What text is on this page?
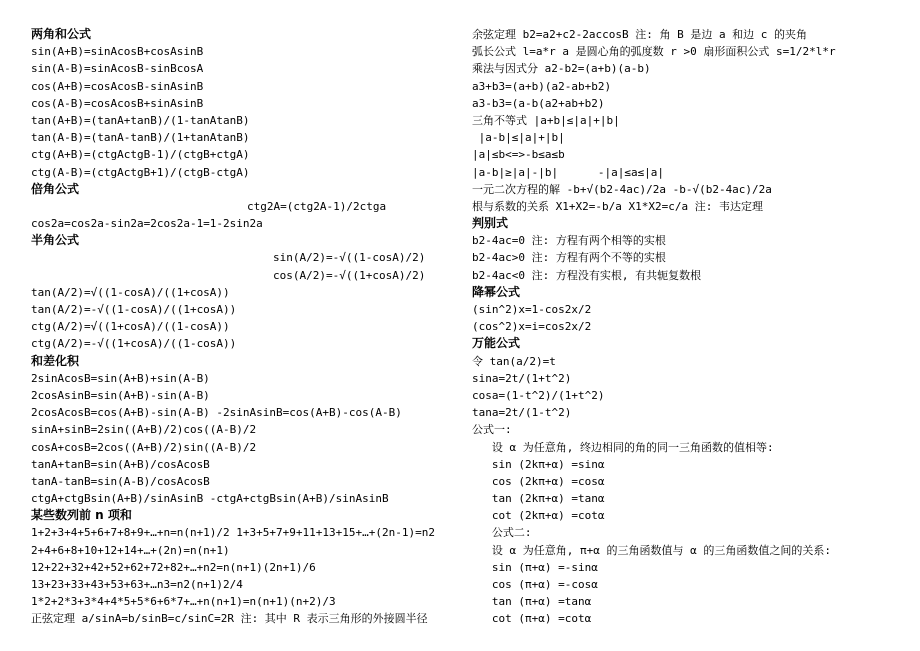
两角和公式
sin(A+B)=sinAcosB+cosAsinB
sin(A-B)=sinAcosB-sinBcosA
cos(A+B)=cosAcosB-sinAsinB
cos(A-B)=cosAcosB+sinAsinB
tan(A+B)=(tanA+tanB)/(1-tanAtanB)
tan(A-B)=(tanA-tanB)/(1+tanAtanB)
ctg(A+B)=(ctgActgB-1)/(ctgB+ctgA)
ctg(A-B)=(ctgActgB+1)/(ctgB-ctgA)
倍角公式

ctg2A=(ctg2A-1)/2ctga

cos2a=cos2a-sin2a=2cos2a-1=1-2sin2a
半角公式

sin(A/2)=-√((1-cosA)/2)

cos(A/2)=-√((1+cosA)/2)

tan(A/2)=√((1-cosA)/((1+cosA))
tan(A/2)=-√((1-cosA)/((1+cosA))
ctg(A/2)=√((1+cosA)/((1-cosA))
ctg(A/2)=-√((1+cosA)/((1-cosA))
和差化积
2sinAcosB=sin(A+B)+sin(A-B)
2cosAsinB=sin(A+B)-sin(A-B)
2cosAcosB=cos(A+B)-sin(A-B) -2sinAsinB=cos(A+B)-cos(A-B)
sinA+sinB=2sin((A+B)/2)cos((A-B)/2
cosA+cosB=2cos((A+B)/2)sin((A-B)/2
tanA+tanB=sin(A+B)/cosAcosB
tanA-tanB=sin(A-B)/cosAcosB
ctgA+ctgBsin(A+B)/sinAsinB -ctgA+ctgBsin(A+B)/sinAsinB
某些数列前 n 项和
1+2+3+4+5+6+7+8+9+…+n=n(n+1)/2 1+3+5+7+9+11+13+15+…+(2n-1)=n2
2+4+6+8+10+12+14+…+(2n)=n(n+1)
12+22+32+42+52+62+72+82+…+n2=n(n+1)(2n+1)/6
13+23+33+43+53+63+…n3=n2(n+1)2/4
1*2+2*3+3*4+4*5+5*6+6*7+…+n(n+1)=n(n+1)(n+2)/3
正弦定理 a/sinA=b/sinB=c/sinC=2R 注: 其中 R 表示三角形的外接圆半径
余弦定理 b2=a2+c2-2accosB 注: 角 B 是边 a 和边 c 的夹角
弧长公式 l=a*r a 是圆心角的弧度数 r >0 扇形面积公式 s=1/2*l*r
乘法与因式分 a2-b2=(a+b)(a-b)
a3+b3=(a+b)(a2-ab+b2)
a3-b3=(a-b(a2+ab+b2)
三角不等式 |a+b|≤|a|+|b|
|a-b|≤|a|+|b|
|a|≤b<=>-b≤a≤b
|a-b|≥|a|-|b|      -|a|≤a≤|a|
一元二次方程的解 -b+√(b2-4ac)/2a -b-√(b2-4ac)/2a
根与系数的关系 X1+X2=-b/a X1*X2=c/a 注: 韦达定理
判别式
b2-4ac=0 注: 方程有两个相等的实根
b2-4ac>0 注: 方程有两个不等的实根
b2-4ac<0 注: 方程没有实根, 有共轭复数根
降幂公式
(sin^2)x=1-cos2x/2
(cos^2)x=i=cos2x/2
万能公式
令 tan(a/2)=t
sina=2t/(1+t^2)
cosa=(1-t^2)/(1+t^2)
tana=2t/(1-t^2)
公式一:
设 α 为任意角, 终边相同的角的同一三角函数的值相等:
sin (2kπ+α) =sinα
cos (2kπ+α) =cosα
tan (2kπ+α) =tanα
cot (2kπ+α) =cotα
公式二:
设 α 为任意角, π+α 的三角函数值与 α 的三角函数值之间的关系:
sin (π+α) =-sinα
cos (π+α) =-cosα
tan (π+α) =tanα
cot (π+α) =cotα
